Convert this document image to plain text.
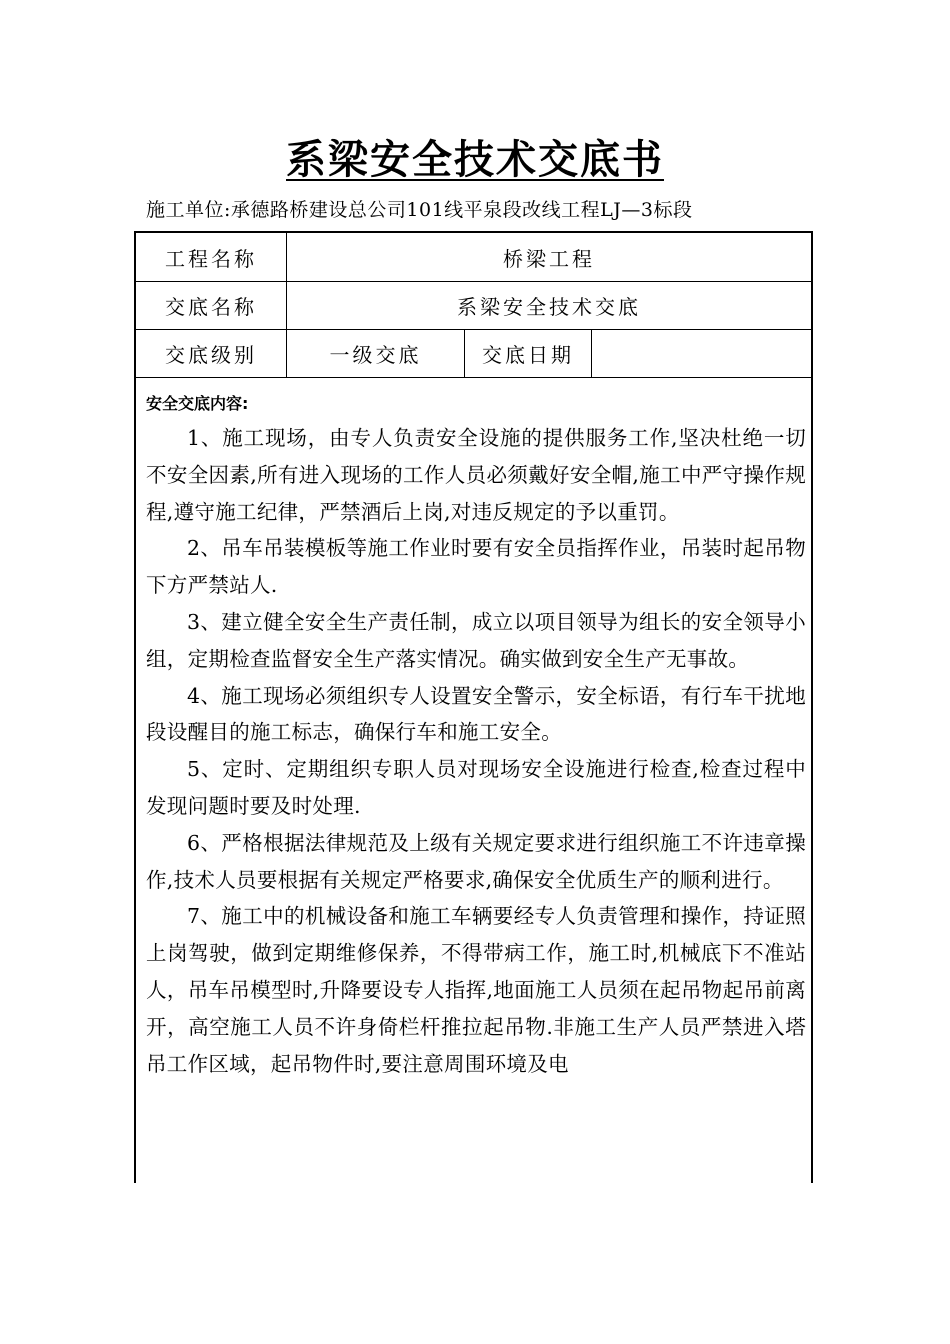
系梁安全技术交底书
施工单位:承德路桥建设总公司101线平泉段改线工程LJ—3标段
工程名称	桥梁工程
交底名称	系梁安全技术交底
交底级别	一级交底	交底日期
安全交底内容:

1、施工现场，由专人负责安全设施的提供服务工作,坚决杜绝一切不安全因素,所有进入现场的工作人员必须戴好安全帽,施工中严守操作规程,遵守施工纪律，严禁酒后上岗,对违反规定的予以重罚。

2、吊车吊装模板等施工作业时要有安全员指挥作业，吊装时起吊物下方严禁站人.

3、建立健全安全生产责任制，成立以项目领导为组长的安全领导小组，定期检查监督安全生产落实情况。确实做到安全生产无事故。

4、施工现场必须组织专人设置安全警示，安全标语，有行车干扰地段设醒目的施工标志，确保行车和施工安全。

5、定时、定期组织专职人员对现场安全设施进行检查,检查过程中发现问题时要及时处理.

6、严格根据法律规范及上级有关规定要求进行组织施工不许违章操作,技术人员要根据有关规定严格要求,确保安全优质生产的顺利进行。

7、施工中的机械设备和施工车辆要经专人负责管理和操作，持证照上岗驾驶，做到定期维修保养，不得带病工作，施工时,机械底下不准站人，吊车吊模型时,升降要设专人指挥,地面施工人员须在起吊物起吊前离开，高空施工人员不许身倚栏杆推拉起吊物.非施工生产人员严禁进入塔吊工作区域，起吊物件时,要注意周围环境及电
